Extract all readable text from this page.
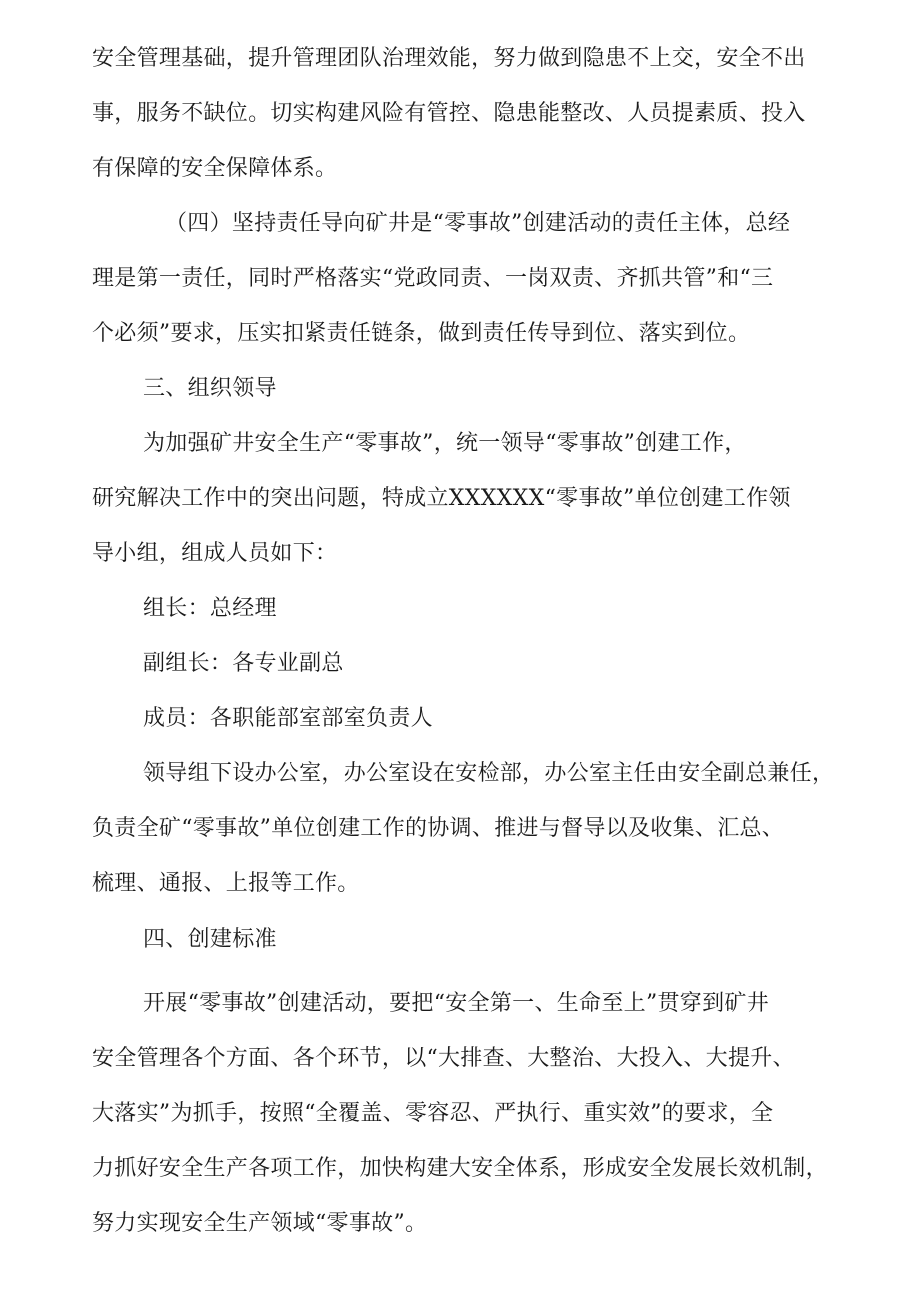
安全管理基础，提升管理团队治理效能，努力做到隐患不上交，安全不出
事，服务不缺位。切实构建风险有管控、隐患能整改、人员提素质、投入
有保障的安全保障体系。
（四）坚持责任导向矿井是“零事故”创建活动的责任主体，总经
理是第一责任，同时严格落实“党政同责、一岗双责、齐抓共管”和“三
个必须”要求，压实扣紧责任链条，做到责任传导到位、落实到位。
三、组织领导
为加强矿井安全生产“零事故”，统一领导“零事故”创建工作，
研究解决工作中的突出问题，特成立XXXXXX“零事故”单位创建工作领
导小组，组成人员如下：
组长：总经理
副组长：各专业副总
成员：各职能部室部室负责人
领导组下设办公室，办公室设在安检部，办公室主任由安全副总兼任，
负责全矿“零事故”单位创建工作的协调、推进与督导以及收集、汇总、
梳理、通报、上报等工作。
四、创建标准
开展“零事故”创建活动，要把“安全第一、生命至上”贯穿到矿井
安全管理各个方面、各个环节，以“大排查、大整治、大投入、大提升、
大落实”为抓手，按照“全覆盖、零容忍、严执行、重实效”的要求，全
力抓好安全生产各项工作，加快构建大安全体系，形成安全发展长效机制，
努力实现安全生产领域“零事故”。
